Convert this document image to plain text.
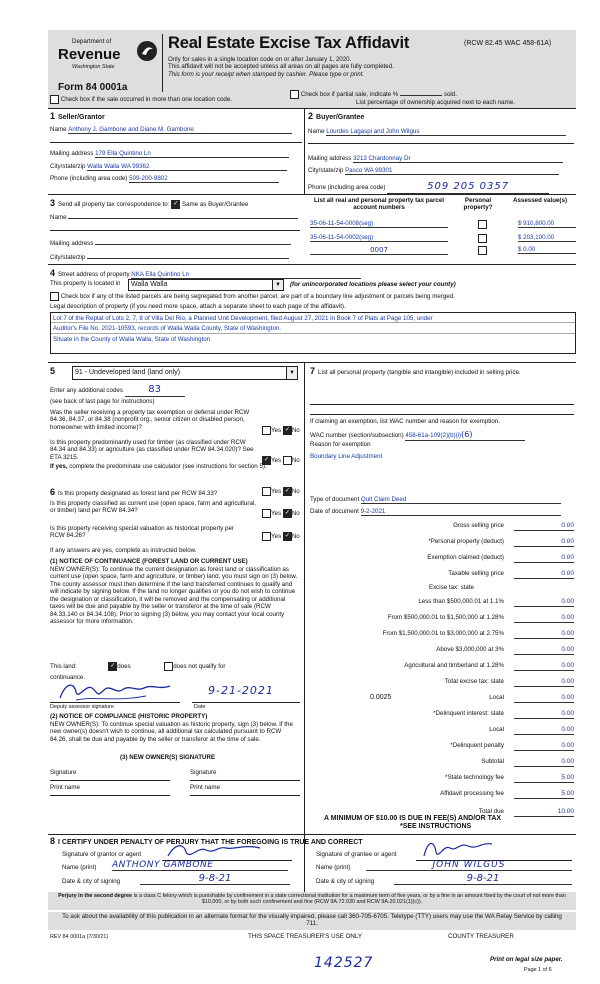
Department of
Revenue
Washington State
Form 84 0001a
Real Estate Excise Tax Affidavit	(RCW 82.45 WAC 458-61A)
Only for sales in a single location code on or after January 1, 2020.
This affidavit will not be accepted unless all areas on all pages are fully completed.
This form is your receipt when stamped by cashier. Please type or print.
Check box if the sale occurred in more than one location code.
Check box if partial sale, indicate %	sold.
List percentage of ownership acquired next to each name.
1 Seller/Grantor
Name Anthony J. Gambone and Diane M. Gambone
Mailing address 179 Ella Quintino Ln
City/state/zip Walla Walla WA 99362
Phone (including area code) 509-200-9802
2 Buyer/Grantee
Name Lourdes Lagaspi and John Wilgus
Mailing address 3213 Chardonnay Dr
City/state/zip Pasco WA 99301
Phone (including area code)	509 205 0357
3 Send all property tax correspondence to: ✓ Same as Buyer/Grantee
Name
Mailing address
City/state/zip
List all real and personal property tax parcel account numbers
Personal property?
Assessed value(s)
35-06-11-54-0008(seg)	$ 910,800.00
35-06-11-54-0002(seg)	$ 203,100.00
0007	$ 0.00
4 Street address of property NKA Ella Quintino Ln
This property is located in	Walla Walla	▼	(for unincorporated locations please select your county)
Check box if any of the listed parcels are being segregated from another parcel, are part of a boundary line adjustment or parcels being merged.
Legal description of property (if you need more space, attach a separate sheet to each page of the affidavit).
Lot 7 of the Replat of Lots 2, 7, 8 of Villa Del Rio, a Planned Unit Development, filed August 27, 2021 in Book 7 of Plats at Page 105, under
Auditor's File No. 2021-10593, records of Walla Walla County, State of Washington.
Situate in the County of Walla Walla, State of Washington
5	91 - Undeveloped land (land only)	▼
Enter any additional codes	83
(see back of last page for instructions)
Was the seller receiving a property tax exemption or deferral under RCW 84.36, 84.37, or 84.38 (nonprofit org., senior citizen or disabled person, homeowner with limited income)?	Yes ✓ No
Is this property predominantly used for timber (as classified under RCW 84.34 and 84.33) or agriculture (as classified under RCW 84.34.020)? See ETA 3215.	✓ Yes No
If yes, complete the predominate use calculator (see instructions for section 5).
6 Is this property designated as forest land per RCW 84.33?	Yes ✓ No
Is this property classified as current use (open space, farm and agricultural, or timber) land per RCW 84.34?	Yes ✓ No
Is this property receiving special valuation as historical property per RCW 84.26?	Yes ✓ No
If any answers are yes, complete as instructed below.
(1) NOTICE OF CONTINUANCE (FOREST LAND OR CURRENT USE)
NEW OWNER(S): To continue the current designation as forest land or classification as current use (open space, farm and agriculture, or timber) land, you must sign on (3) below. The county assessor must then determine if the land transferred continues to qualify and will indicate by signing below. If the land no longer qualifies or you do not wish to continue the designation or classification, it will be removed and the compensating or additional taxes will be due and payable by the seller or transferor at the time of sale (RCW 84.33.140 or 84.34.108). Prior to signing (3) below, you may contact your local county assessor for more information.
This land:	✓ does	does not qualify for
continuance.
9-21-2021
Deputy assessor signature	Date
(2) NOTICE OF COMPLIANCE (HISTORIC PROPERTY)
NEW OWNER(S): To continue special valuation as historic property, sign (3) below. If the new owner(s) doesn't wish to continue, all additional tax calculated pursuant to RCW 84.26, shall be due and payable by the seller or transferor at the time of sale.
(3) NEW OWNER(S) SIGNATURE
Signature	Signature
Print name	Print name
7 List all personal property (tangible and intangible) included in selling price.
If claiming an exemption, list WAC number and reason for exemption.
WAC number (section/subsection) 458-61a-109(2)(b)(i)(6)
Reason for exemption
Boundary Line Adjustment
Type of document Quit Claim Deed
Date of document 9-2-2021
Gross selling price	0.00
*Personal property (deduct)	0.00
Exemption claimed (deduct)	0.00
Taxable selling price	0.00
Excise tax: state
Less than $500,000.01 at 1.1%	0.00
From $500,000.01 to $1,500,000 at 1.28%	0.00
From $1,500,000.01 to $3,000,000 at 2.75%	0.00
Above $3,000,000 at 3%	0.00
Agricultural and timberland at 1.28%	0.00
Total excise tax: state	0.00
0.0025	Local	0.00
*Delinquent interest: state	0.00
Local	0.00
*Delinquent penalty	0.00
Subtotal	0.00
*State technology fee	5.00
Affidavit processing fee	5.00
Total due	10.00
A MINIMUM OF $10.00 IS DUE IN FEE(S) AND/OR TAX
*SEE INSTRUCTIONS
8 I CERTIFY UNDER PENALTY OF PERJURY THAT THE FOREGOING IS TRUE AND CORRECT
Signature of grantor or agent
Name (print) ANTHONY GAMBONE
Date & city of signing	9-8-21
Signature of grantee or agent
Name (print)	JOHN WILGUS
Date & city of signing	9-8-21
Perjury in the second degree is a class C felony which is punishable by confinement in a state correctional institution for a maximum term of five years, or by a fine in an amount fixed by the court of not more than $10,000, or by both such confinement and fine (RCW 9A.72.030 and RCW 9A.20.021(1)(c)).
To ask about the availability of this publication in an alternate format for the visually impaired, please call 360-705-6705. Teletype (TTY) users may use the WA Relay Service by calling 711.
REV 84 0001a (7/30/21)	THIS SPACE TREASURER'S USE ONLY	COUNTY TREASURER
142527	Print on legal size paper.
Page 1 of 6
